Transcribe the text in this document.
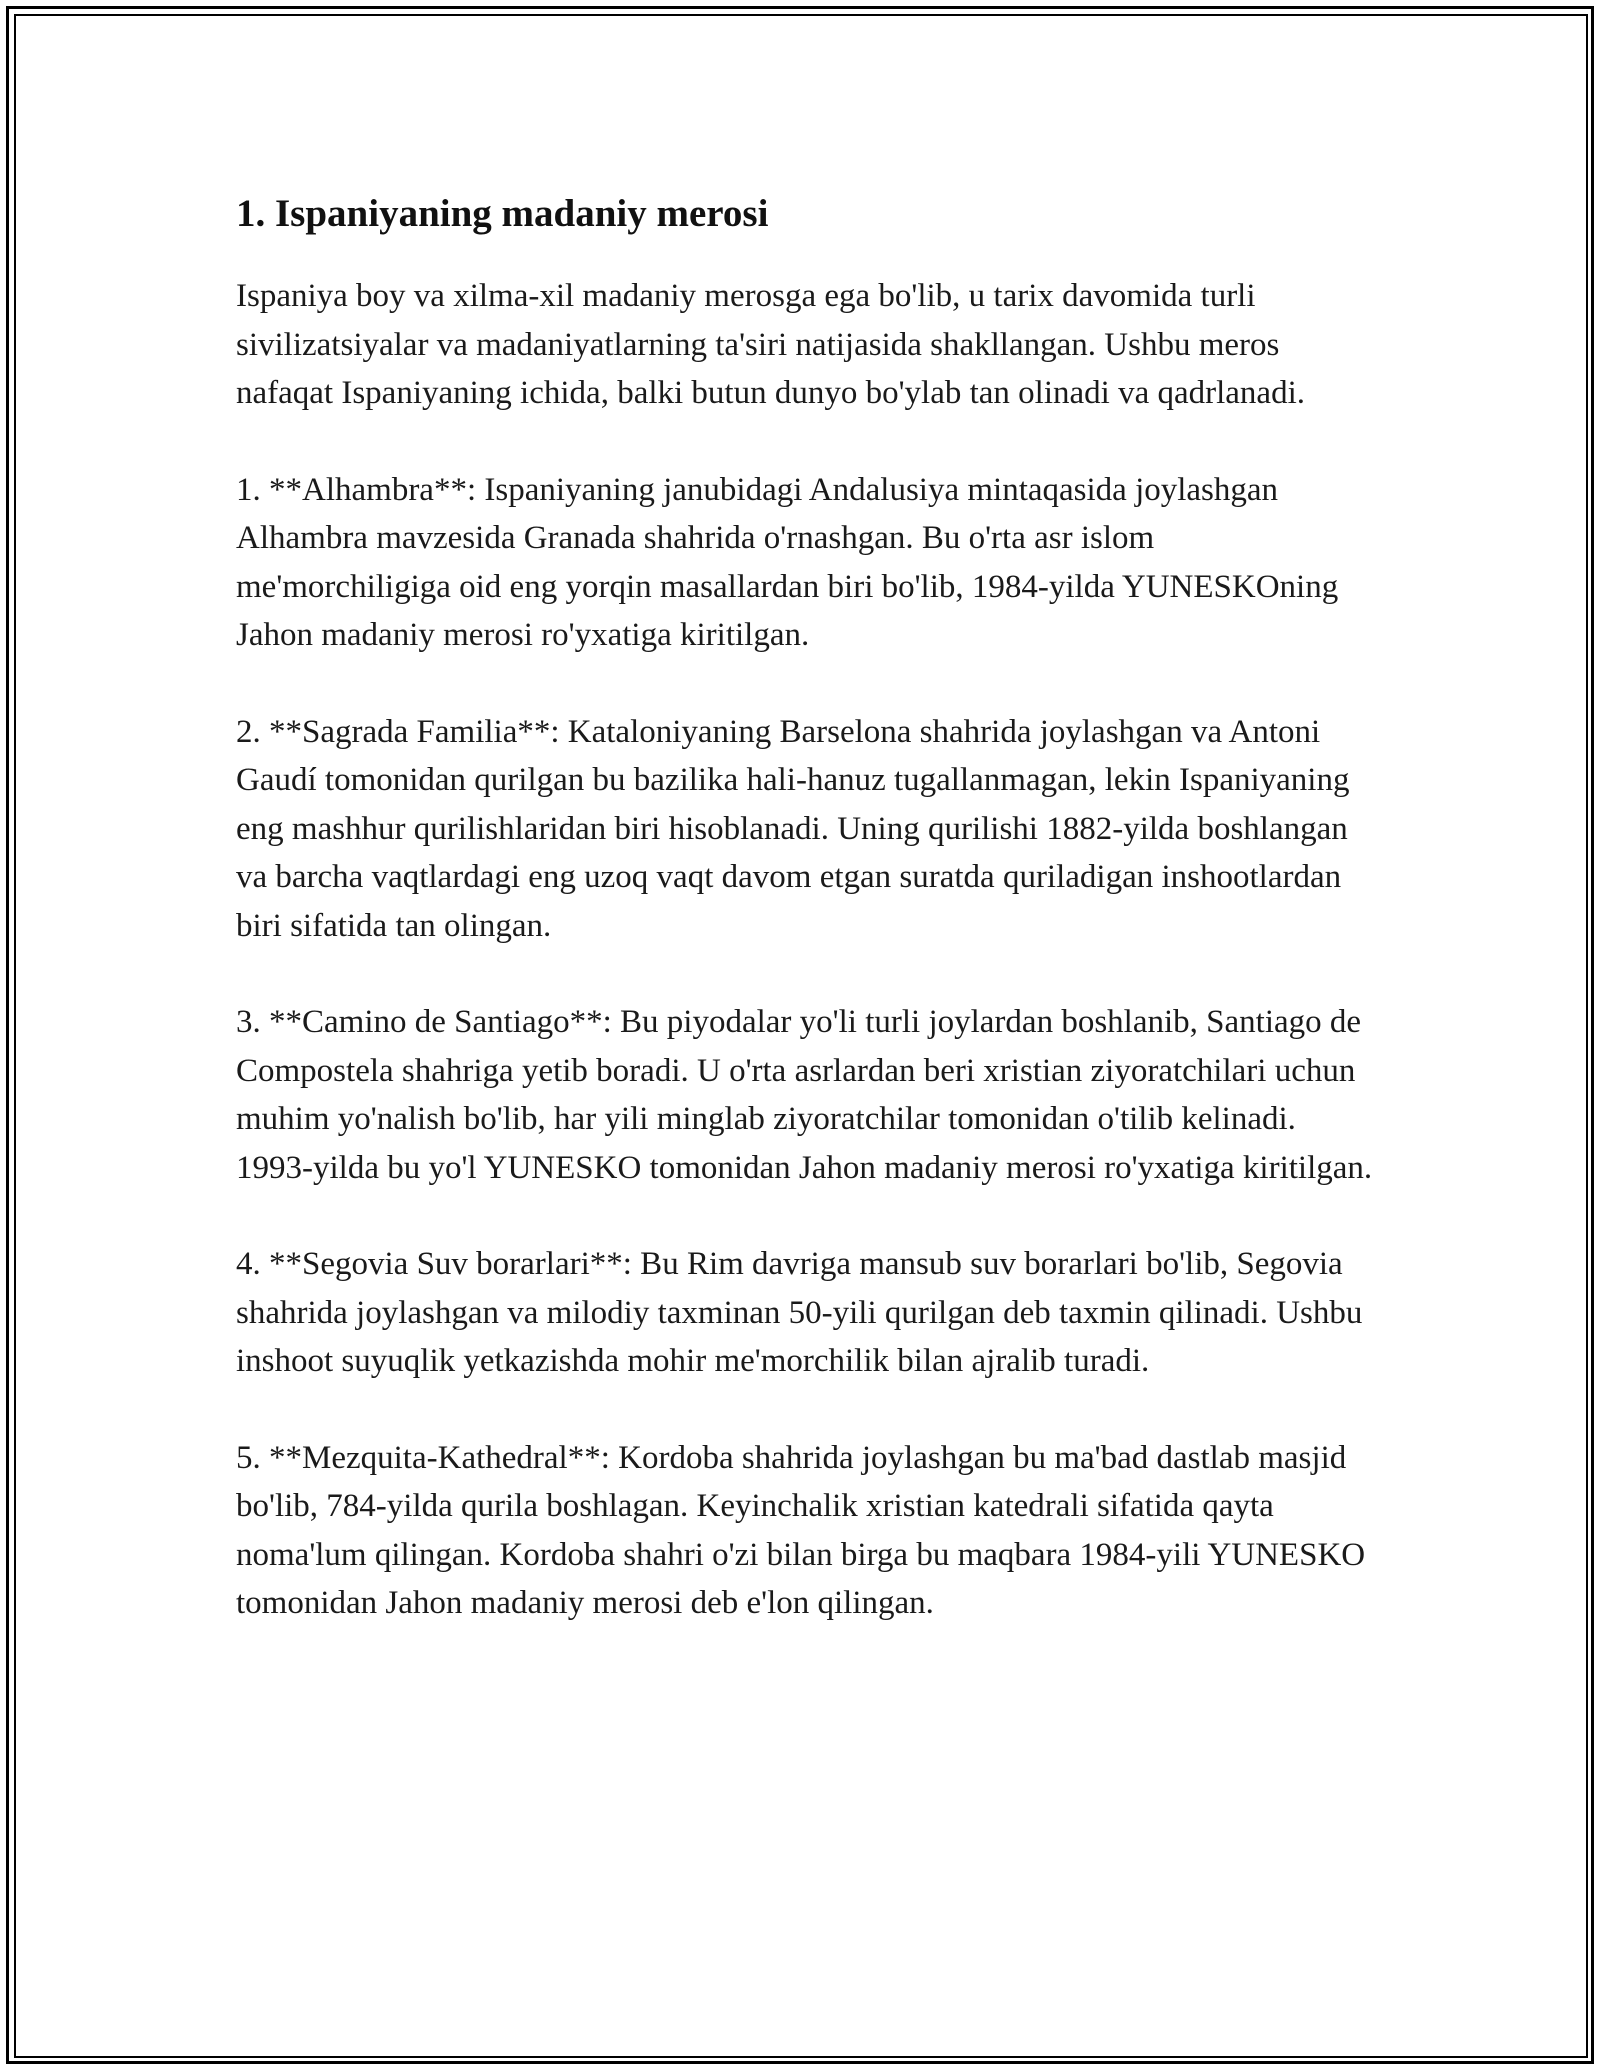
1. Ispaniyaning madaniy merosi

Ispaniya boy va xilma-xil madaniy merosga ega bo'lib, u tarix davomida turli sivilizatsiyalar va madaniyatlarning ta'siri natijasida shakllangan. Ushbu meros nafaqat Ispaniyaning ichida, balki butun dunyo bo'ylab tan olinadi va qadrlanadi.

1. **Alhambra**: Ispaniyaning janubidagi Andalusiya mintaqasida joylashgan Alhambra mavzesida Granada shahrida o'rnashgan. Bu o'rta asr islom me'morchiligiga oid eng yorqin masallardan biri bo'lib, 1984-yilda YUNESKOning Jahon madaniy merosi ro'yxatiga kiritilgan.

2. **Sagrada Familia**: Kataloniyaning Barselona shahrida joylashgan va Antoni Gaudí tomonidan qurilgan bu bazilika hali-hanuz tugallanmagan, lekin Ispaniyaning eng mashhur qurilishlaridan biri hisoblanadi. Uning qurilishi 1882-yilda boshlangan va barcha vaqtlardagi eng uzoq vaqt davom etgan suratda quriladigan inshootlardan biri sifatida tan olingan.

3. **Camino de Santiago**: Bu piyodalar yo'li turli joylardan boshlanib, Santiago de Compostela shahriga yetib boradi. U o'rta asrlardan beri xristian ziyoratchilari uchun muhim yo'nalish bo'lib, har yili minglab ziyoratchilar tomonidan o'tilib kelinadi. 1993-yilda bu yo'l YUNESKO tomonidan Jahon madaniy merosi ro'yxatiga kiritilgan.

4. **Segovia Suv borarlari**: Bu Rim davriga mansub suv borarlari bo'lib, Segovia shahrida joylashgan va milodiy taxminan 50-yili qurilgan deb taxmin qilinadi. Ushbu inshoot suyuqlik yetkazishda mohir me'morchilik bilan ajralib turadi.

5. **Mezquita-Kathedral**: Kordoba shahrida joylashgan bu ma'bad dastlab masjid bo'lib, 784-yilda qurila boshlagan. Keyinchalik xristian katedrali sifatida qayta noma'lum qilingan. Kordoba shahri o'zi bilan birga bu maqbara 1984-yili YUNESKO tomonidan Jahon madaniy merosi deb e'lon qilingan.
